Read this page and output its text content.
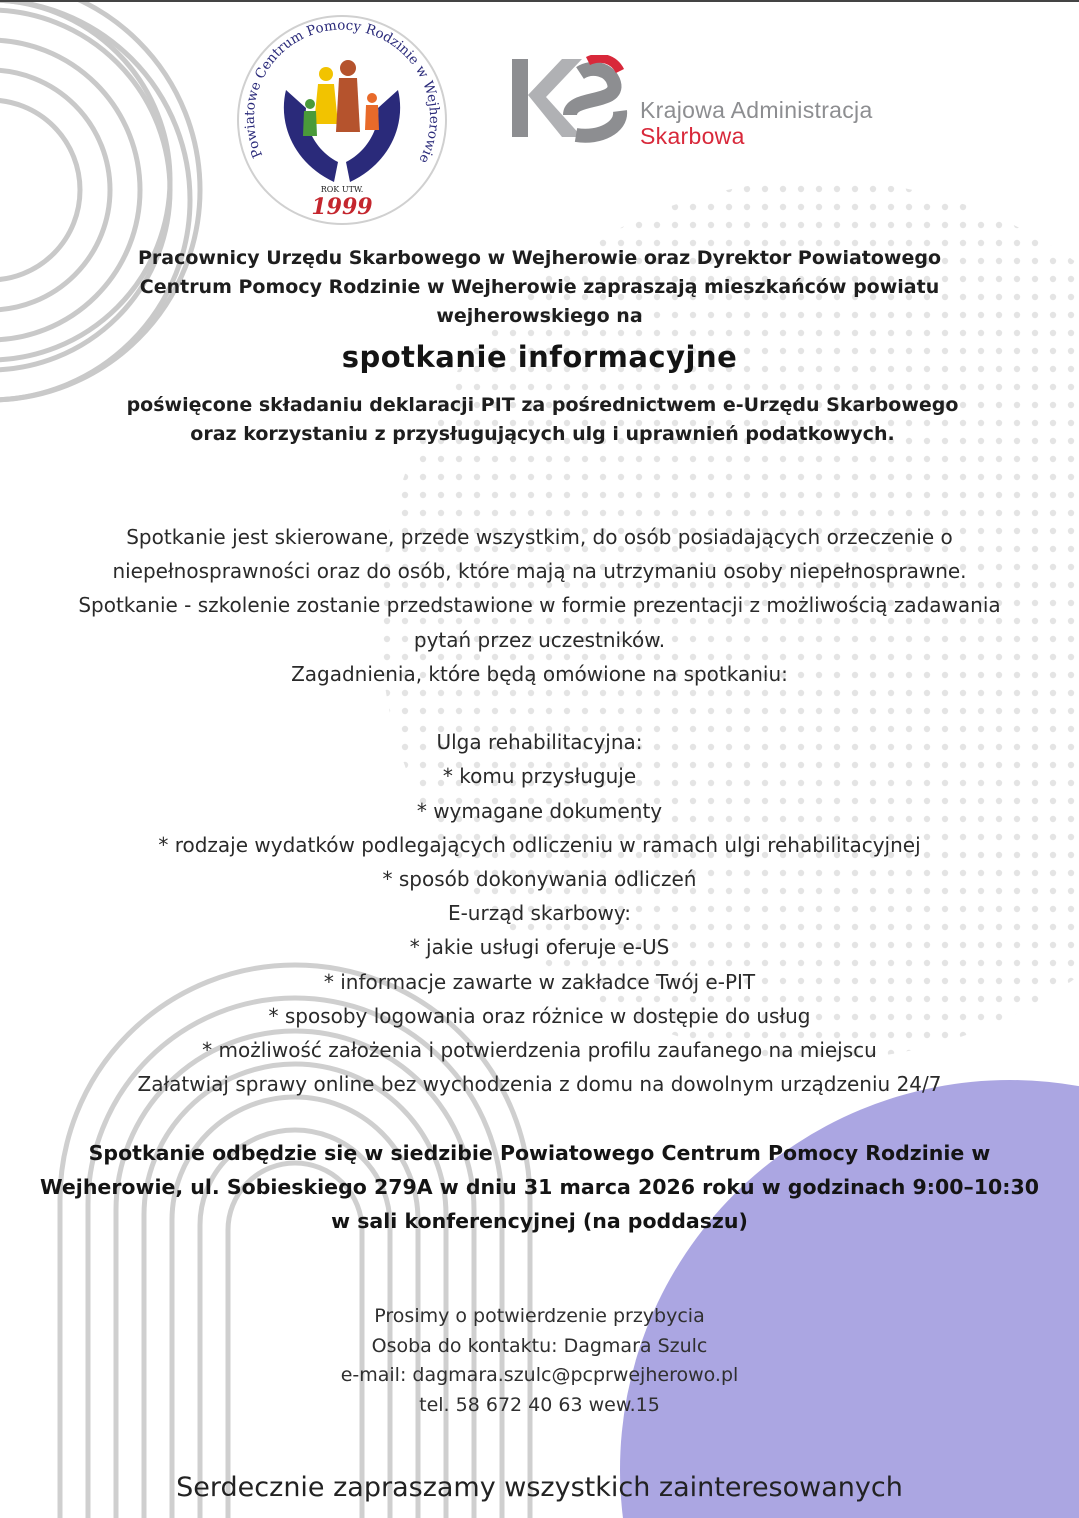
Powiatowe Centrum Pomocy Rodzinie w Wejherowie
ROK UTW.
1999
Krajowa Administracja
Skarbowa
Pracownicy Urzędu Skarbowego w Wejherowie oraz Dyrektor Powiatowego
Centrum Pomocy Rodzinie w Wejherowie zapraszają mieszkańców powiatu
wejherowskiego na
spotkanie informacyjne
poświęcone składaniu deklaracji PIT za pośrednictwem e-Urzędu Skarbowego
oraz korzystaniu z przysługujących ulg i uprawnień podatkowych.
Spotkanie jest skierowane, przede wszystkim, do osób posiadających orzeczenie o
niepełnosprawności oraz do osób, które mają na utrzymaniu osoby niepełnosprawne.
Spotkanie - szkolenie zostanie przedstawione w formie prezentacji z możliwością zadawania
pytań przez uczestników.
Zagadnienia, które będą omówione na spotkaniu:
Ulga rehabilitacyjna:
* komu przysługuje
* wymagane dokumenty
* rodzaje wydatków podlegających odliczeniu w ramach ulgi rehabilitacyjnej
* sposób dokonywania odliczeń
E-urząd skarbowy:
* jakie usługi oferuje e-US
* informacje zawarte w zakładce Twój e-PIT
* sposoby logowania oraz różnice w dostępie do usług
* możliwość założenia i potwierdzenia profilu zaufanego na miejscu
Załatwiaj sprawy online bez wychodzenia z domu na dowolnym urządzeniu 24/7
Spotkanie odbędzie się w siedzibie Powiatowego Centrum Pomocy Rodzinie w
Wejherowie, ul. Sobieskiego 279A w dniu 31 marca 2026 roku w godzinach 9:00–10:30
w sali konferencyjnej (na poddaszu)
Prosimy o potwierdzenie przybycia
Osoba do kontaktu: Dagmara Szulc
e-mail: dagmara.szulc@pcprwejherowo.pl
tel. 58 672 40 63 wew.15
Serdecznie zapraszamy wszystkich zainteresowanych
